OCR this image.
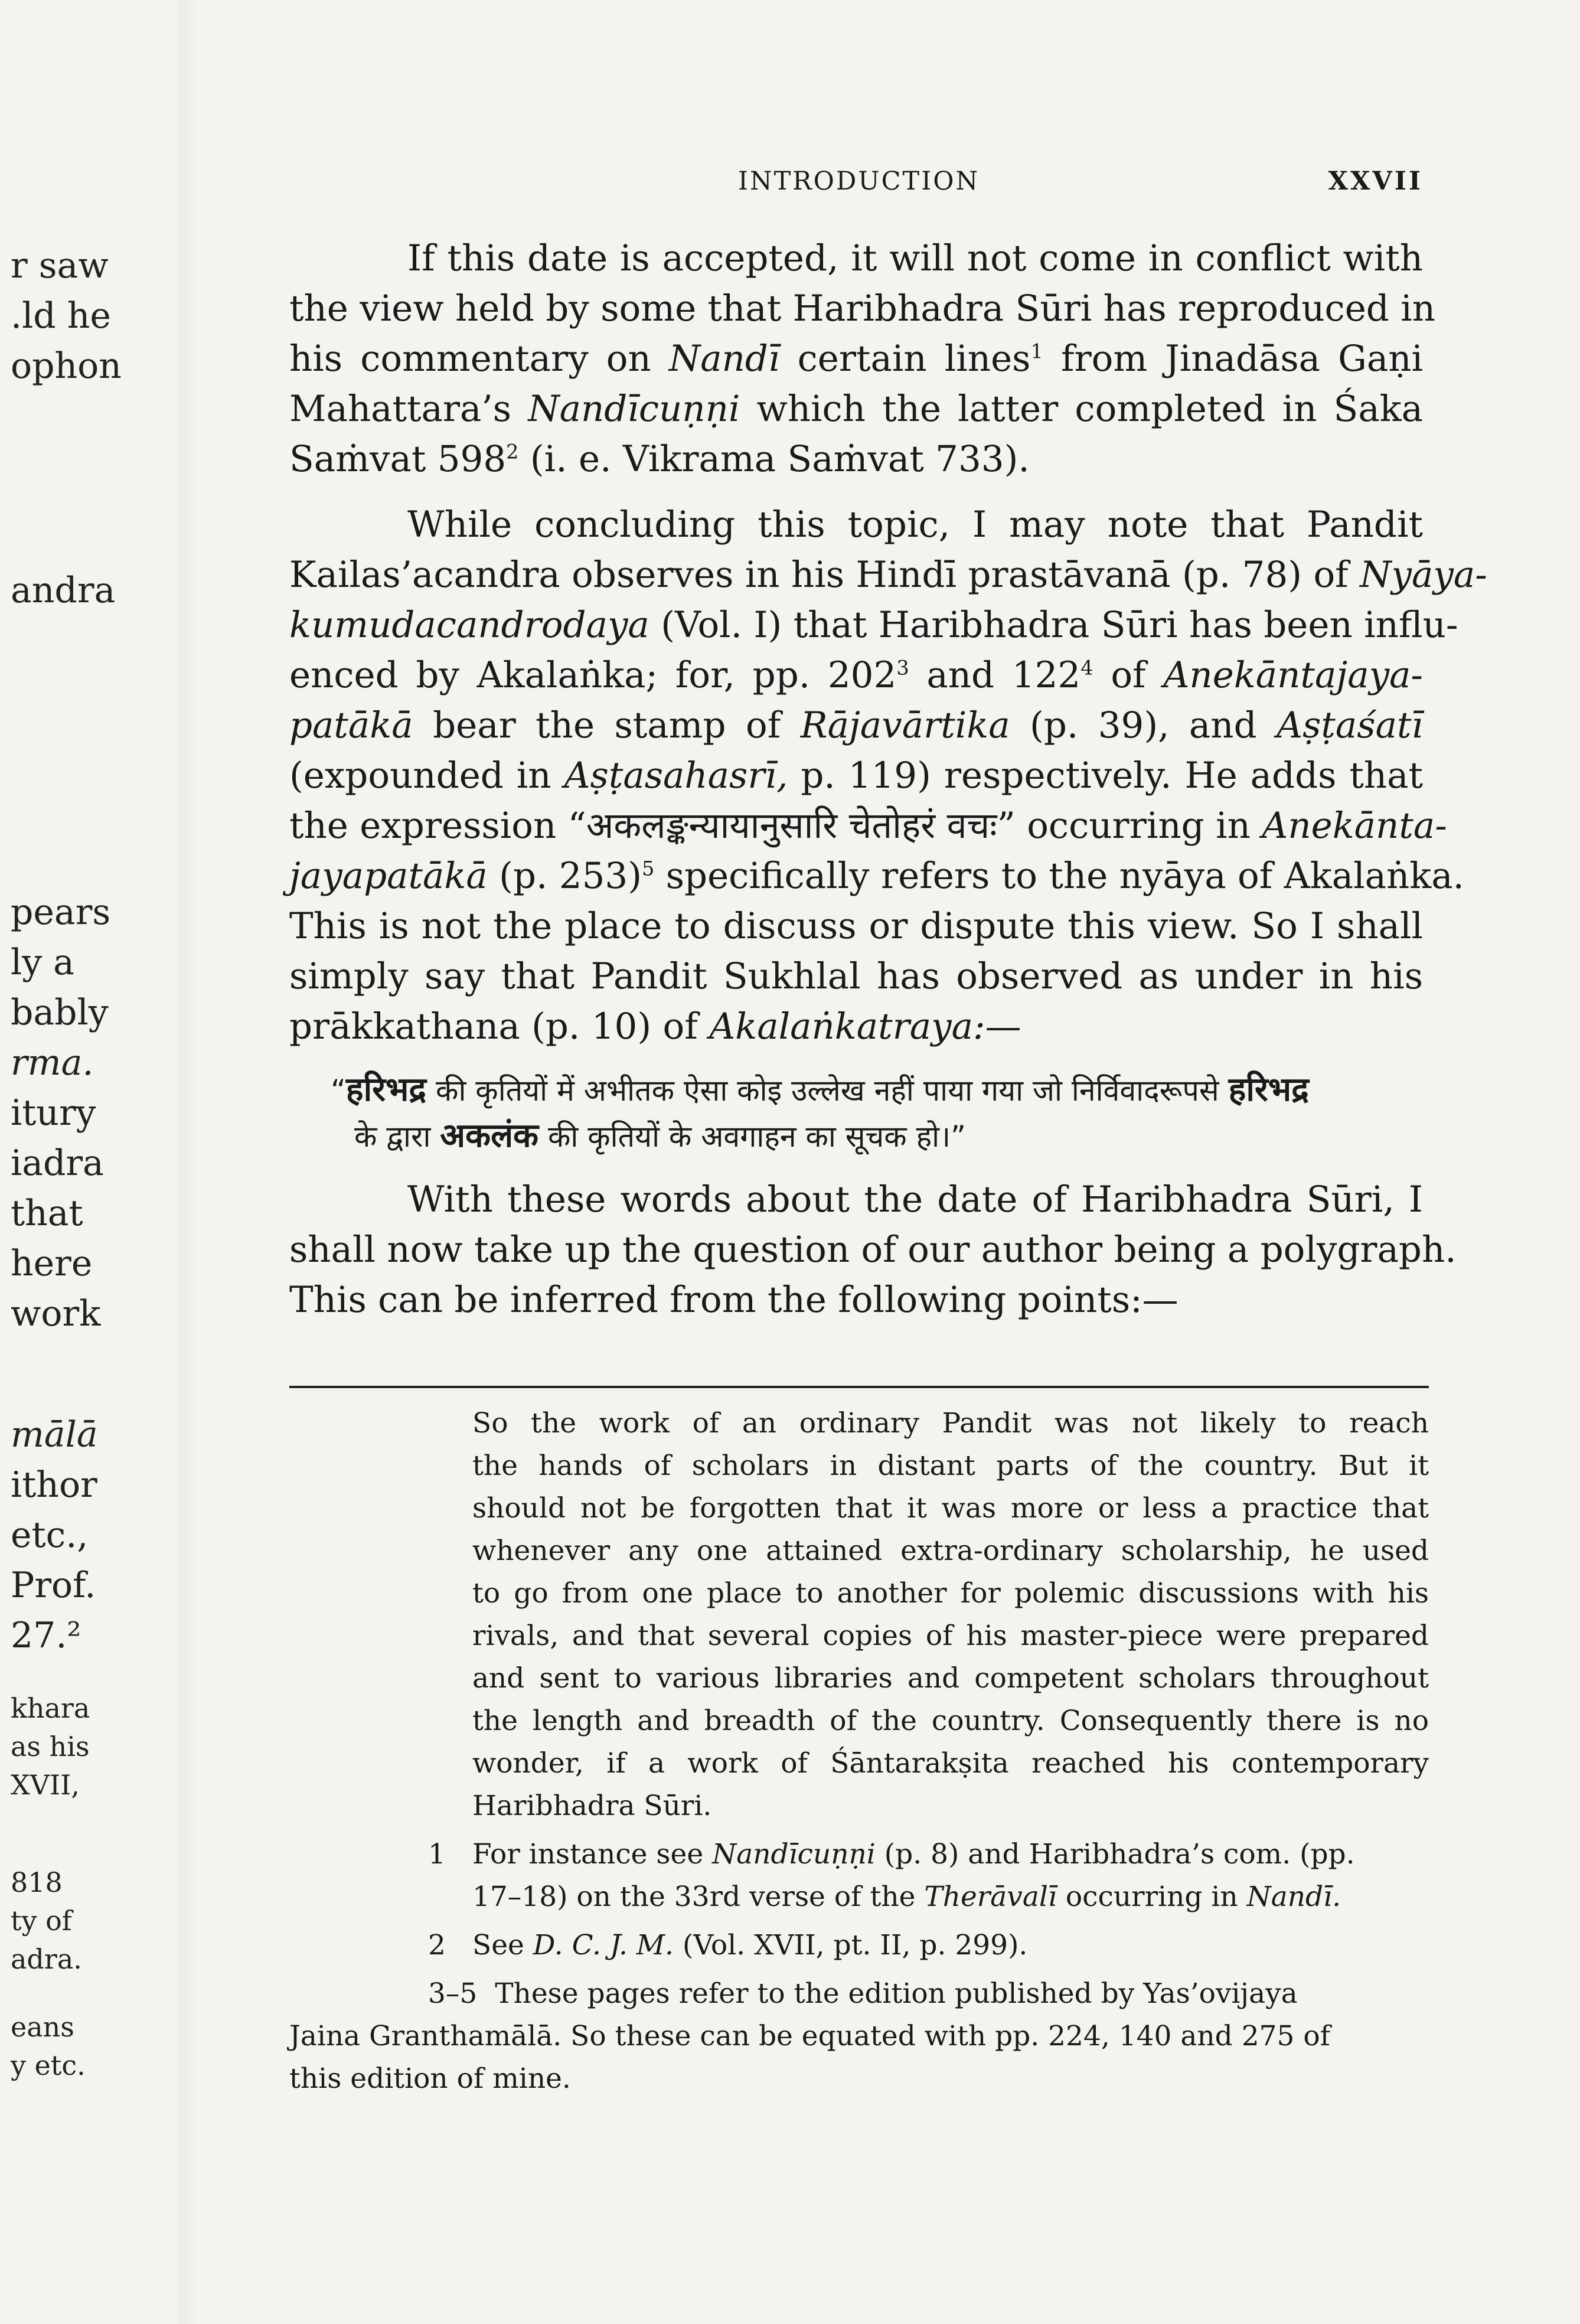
r saw
.ld he
ophon
andra
pears
ly a
bably
rma.
itury
iadra
that
here
work
mālā
ithor
etc.,
Prof.
27.²
khara
as his
XVII,
818
ty of
adra.
eans
y etc.
INTRODUCTION	XXVII
If this date is accepted, it will not come in conflict with
the view held by some that Haribhadra Sūri has reproduced in
his commentary on Nandī certain lines$^1$ from Jinadāsa Gaṇi
Mahattara’s Nandīcuṇṇi which the latter completed in Śaka
Saṁvat $598^2$ (i. e. Vikrama Saṁvat 733).
While concluding this topic, I may note that Pandit
Kailas’acandra observes in his Hindī prastāvanā (p. 78) of Nyāya-
kumudacandrodaya (Vol. I) that Haribhadra Sūri has been influ-
enced by Akalaṅka; for, pp. $202^3$ and $122^4$ of Anekāntajaya-
patākā bear the stamp of Rājavārtika (p. 39), and Aṣṭaśatī
(expounded in Aṣṭasahasrī, p. 119) respectively. He adds that
the expression “अकलङ्कन्यायानुसारि चेतोहरं वचः” occurring in Anekānta-
jayapatākā (p. 253)$^5$ specifically refers to the nyāya of Akalaṅka.
This is not the place to discuss or dispute this view. So I shall
simply say that Pandit Sukhlal has observed as under in his
prākkathana (p. 10) of Akalaṅkatraya:—
“हरिभद्र की कृतियों में अभीतक ऐसा कोइ उल्लेख नहीं पाया गया जो निर्विवादरूपसे हरिभद्र
के द्वारा अकलंक की कृतियों के अवगाहन का सूचक हो।”
With these words about the date of Haribhadra Sūri, I
shall now take up the question of our author being a polygraph.
This can be inferred from the following points:—
So the work of an ordinary Pandit was not likely to reach
the hands of scholars in distant parts of the country. But it
should not be forgotten that it was more or less a practice that
whenever any one attained extra-ordinary scholarship, he used
to go from one place to another for polemic discussions with his
rivals, and that several copies of his master-piece were prepared
and sent to various libraries and competent scholars throughout
the length and breadth of the country. Consequently there is no
wonder, if a work of Śāntarakṣita reached his contemporary
Haribhadra Sūri.
1 For instance see Nandīcuṇṇi (p. 8) and Haribhadra’s com. (pp.
17–18) on the 33rd verse of the Therāvalī occurring in Nandī.
2 See D. C. J. M. (Vol. XVII, pt. II, p. 299).
3–5 These pages refer to the edition published by Yas’ovijaya
Jaina Granthamālā. So these can be equated with pp. 224, 140 and 275 of
this edition of mine.
